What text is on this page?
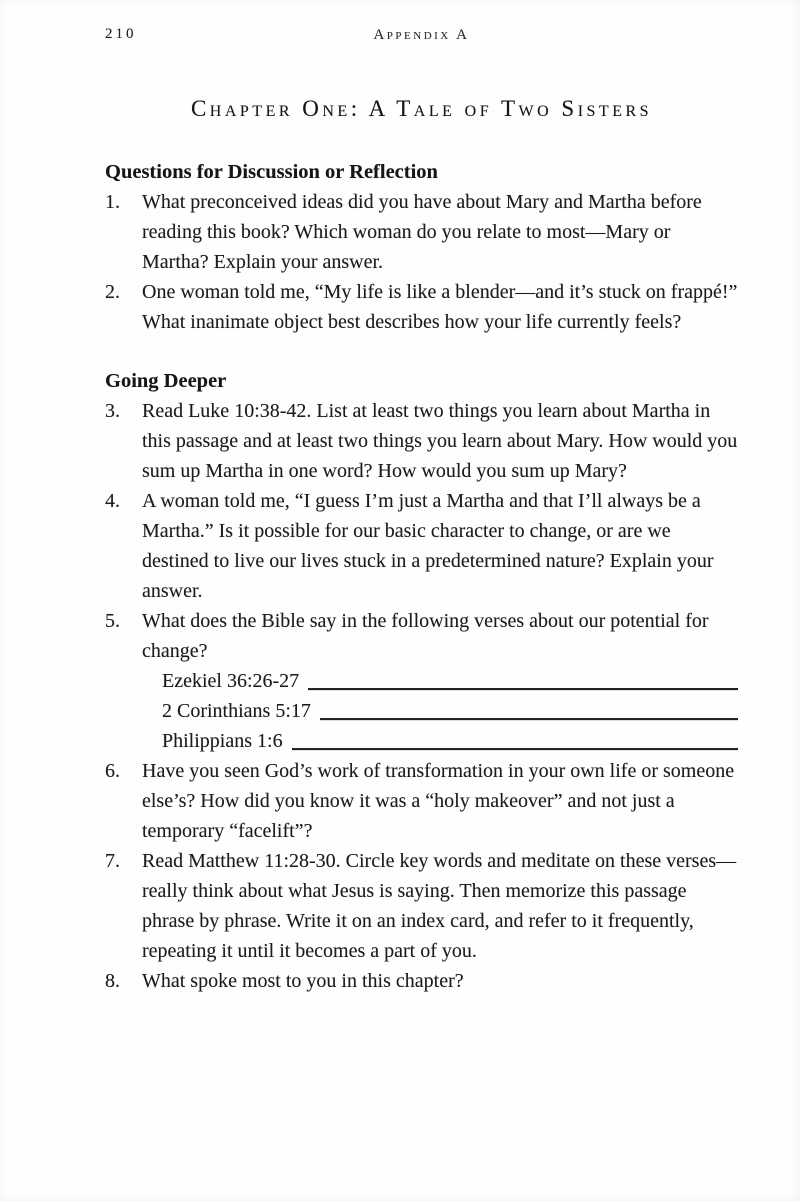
210	Appendix A
Chapter One: A Tale of Two Sisters
Questions for Discussion or Reflection
1.	What preconceived ideas did you have about Mary and Martha before reading this book? Which woman do you relate to most—Mary or Martha? Explain your answer.
2.	One woman told me, “My life is like a blender—and it’s stuck on frappé!” What inanimate object best describes how your life currently feels?
Going Deeper
3.	Read Luke 10:38-42. List at least two things you learn about Martha in this passage and at least two things you learn about Mary. How would you sum up Martha in one word? How would you sum up Mary?
4.	A woman told me, “I guess I’m just a Martha and that I’ll always be a Martha.” Is it possible for our basic character to change, or are we destined to live our lives stuck in a predetermined nature? Explain your answer.
5.	What does the Bible say in the following verses about our potential for change?
Ezekiel 36:26-27
2 Corinthians 5:17
Philippians 1:6
6.	Have you seen God’s work of transformation in your own life or someone else’s? How did you know it was a “holy makeover” and not just a temporary “facelift”?
7.	Read Matthew 11:28-30. Circle key words and meditate on these verses—really think about what Jesus is saying. Then memorize this passage phrase by phrase. Write it on an index card, and refer to it frequently, repeating it until it becomes a part of you.
8.	What spoke most to you in this chapter?
